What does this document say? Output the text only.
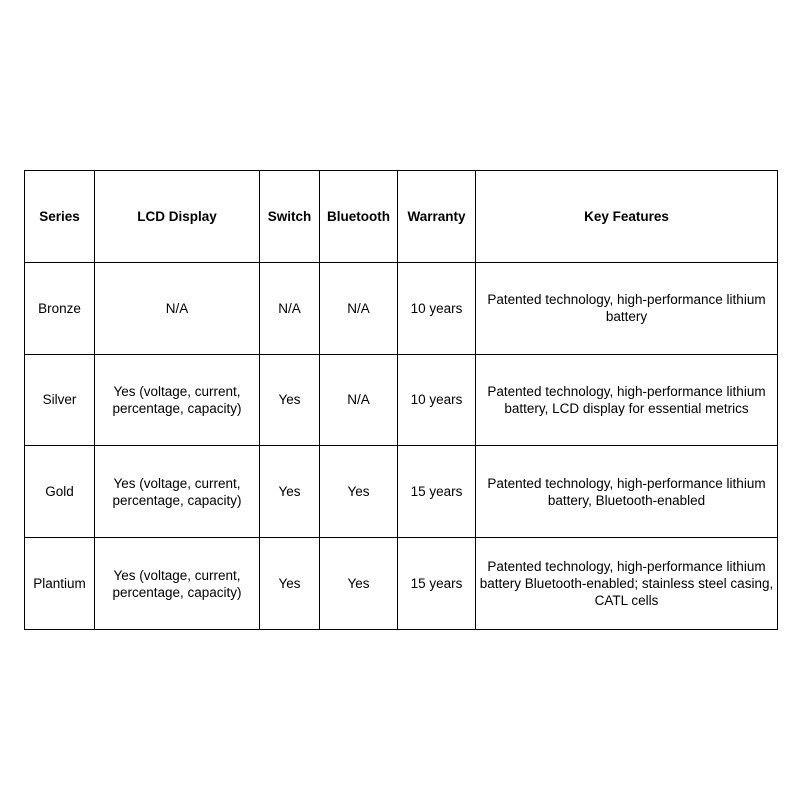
Series	LCD Display	Switch	Bluetooth	Warranty	Key Features
Bronze	N/A	N/A	N/A	10 years	Patented technology, high-performance lithium battery
Silver	Yes (voltage, current, percentage, capacity)	Yes	N/A	10 years	Patented technology, high-performance lithium battery, LCD display for essential metrics
Gold	Yes (voltage, current, percentage, capacity)	Yes	Yes	15 years	Patented technology, high-performance lithium battery, Bluetooth-enabled
Plantium	Yes (voltage, current, percentage, capacity)	Yes	Yes	15 years	Patented technology, high-performance lithium battery Bluetooth-enabled; stainless steel casing, CATL cells
